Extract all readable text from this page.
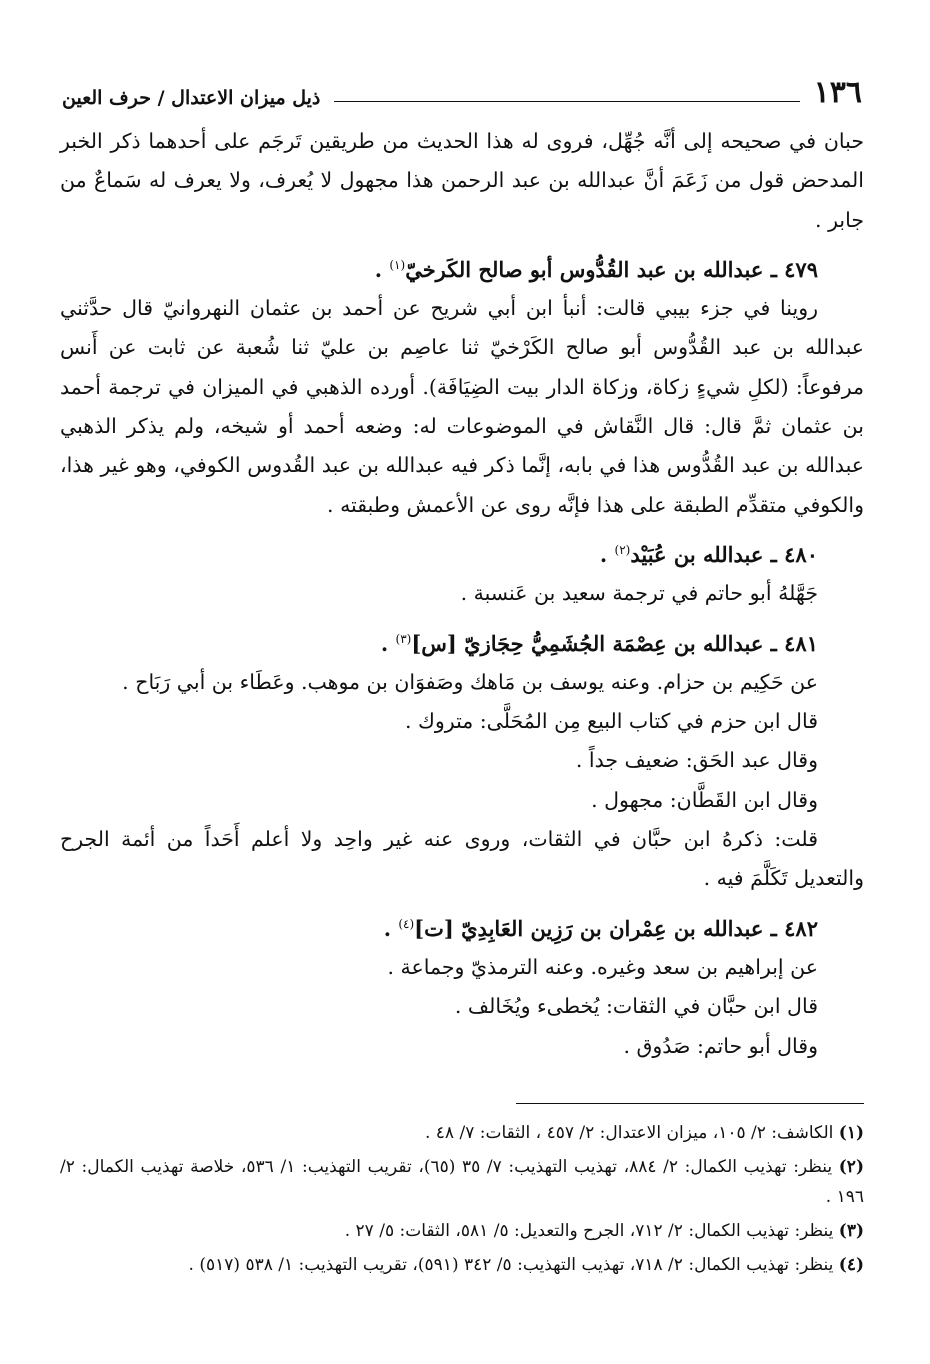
١٣٦
ذيل ميزان الاعتدال / حرف العين

حبان في صحيحه إلى أنَّه جُهِّل، فروى له هذا الحديث من طريقين تَرجَم على أحدهما ذكر الخبر المدحض قول من زَعَمَ أنَّ عبدالله بن عبد الرحمن هذا مجهول لا يُعرف، ولا يعرف له سَماعٌ من جابر .

٤٧٩ ـ عبدالله بن عبد القُدُّوس أبو صالح الكَرخيّ$^{(١)}$ .

روينا في جزء بيبي قالت: أنبأ ابن أبي شريح عن أحمد بن عثمان النهروانيّ قال حدَّثني عبدالله بن عبد القُدُّوس أبو صالح الكَرْخيّ ثنا عاصِم بن عليّ ثنا شُعبة عن ثابت عن أَنس مرفوعاً: (لكلِ شيءٍ زكاة، وزكاة الدار بيت الضِيَافَة). أورده الذهبي في الميزان في ترجمة أحمد بن عثمان ثمَّ قال: قال النَّقاش في الموضوعات له: وضعه أحمد أو شيخه، ولم يذكر الذهبي عبدالله بن عبد القُدُّوس هذا في بابه، إنَّما ذكر فيه عبدالله بن عبد القُدوس الكوفي، وهو غير هذا، والكوفي متقدِّم الطبقة على هذا فإنَّه روى عن الأعمش وطبقته .

٤٨٠ ـ عبدالله بن عُبَيْد$^{(٢)}$ .

جَهَّلهُ أبو حاتم في ترجمة سعيد بن عَنسبة .

٤٨١ ـ عبدالله بن عِصْمَة الجُشَمِيُّ حِجَازيّ [س]$^{(٣)}$ .

عن حَكِيم بن حزام. وعنه يوسف بن مَاهك وصَفوَان بن موهب. وعَطَاء بن أبي رَبَاح .

قال ابن حزم في كتاب البيع مِن المُحَلَّى: متروك .

وقال عبد الحَق: ضعيف جداً .

وقال ابن القَطَّان: مجهول .

قلت: ذكرهُ ابن حبَّان في الثقات، وروى عنه غير واحِد ولا أعلم أَحَداً من أئمة الجرح والتعديل تَكَلَّمَ فيه .

٤٨٢ ـ عبدالله بن عِمْران بن رَزِين العَابِدِيّ [ت]$^{(٤)}$ .

عن إبراهيم بن سعد وغيره. وعنه الترمذيّ وجماعة .

قال ابن حبَّان في الثقات: يُخطىء ويُخَالف .

وقال أبو حاتم: صَدُوق .

(١) الكاشف: ٢/ ١٠٥، ميزان الاعتدال: ٢/ ٤٥٧ ، الثقات: ٧/ ٤٨ .

(٢) ينظر: تهذيب الكمال: ٢/ ٨٨٤، تهذيب التهذيب: ٧/ ٣٥ (٦٥)، تقريب التهذيب: ١/ ٥٣٦، خلاصة تهذيب الكمال: ٢/ ١٩٦ .

(٣) ينظر: تهذيب الكمال: ٢/ ٧١٢، الجرح والتعديل: ٥/ ٥٨١، الثقات: ٥/ ٢٧ .

(٤) ينظر: تهذيب الكمال: ٢/ ٧١٨، تهذيب التهذيب: ٥/ ٣٤٢ (٥٩١)، تقريب التهذيب: ١/ ٥٣٨ (٥١٧) .
